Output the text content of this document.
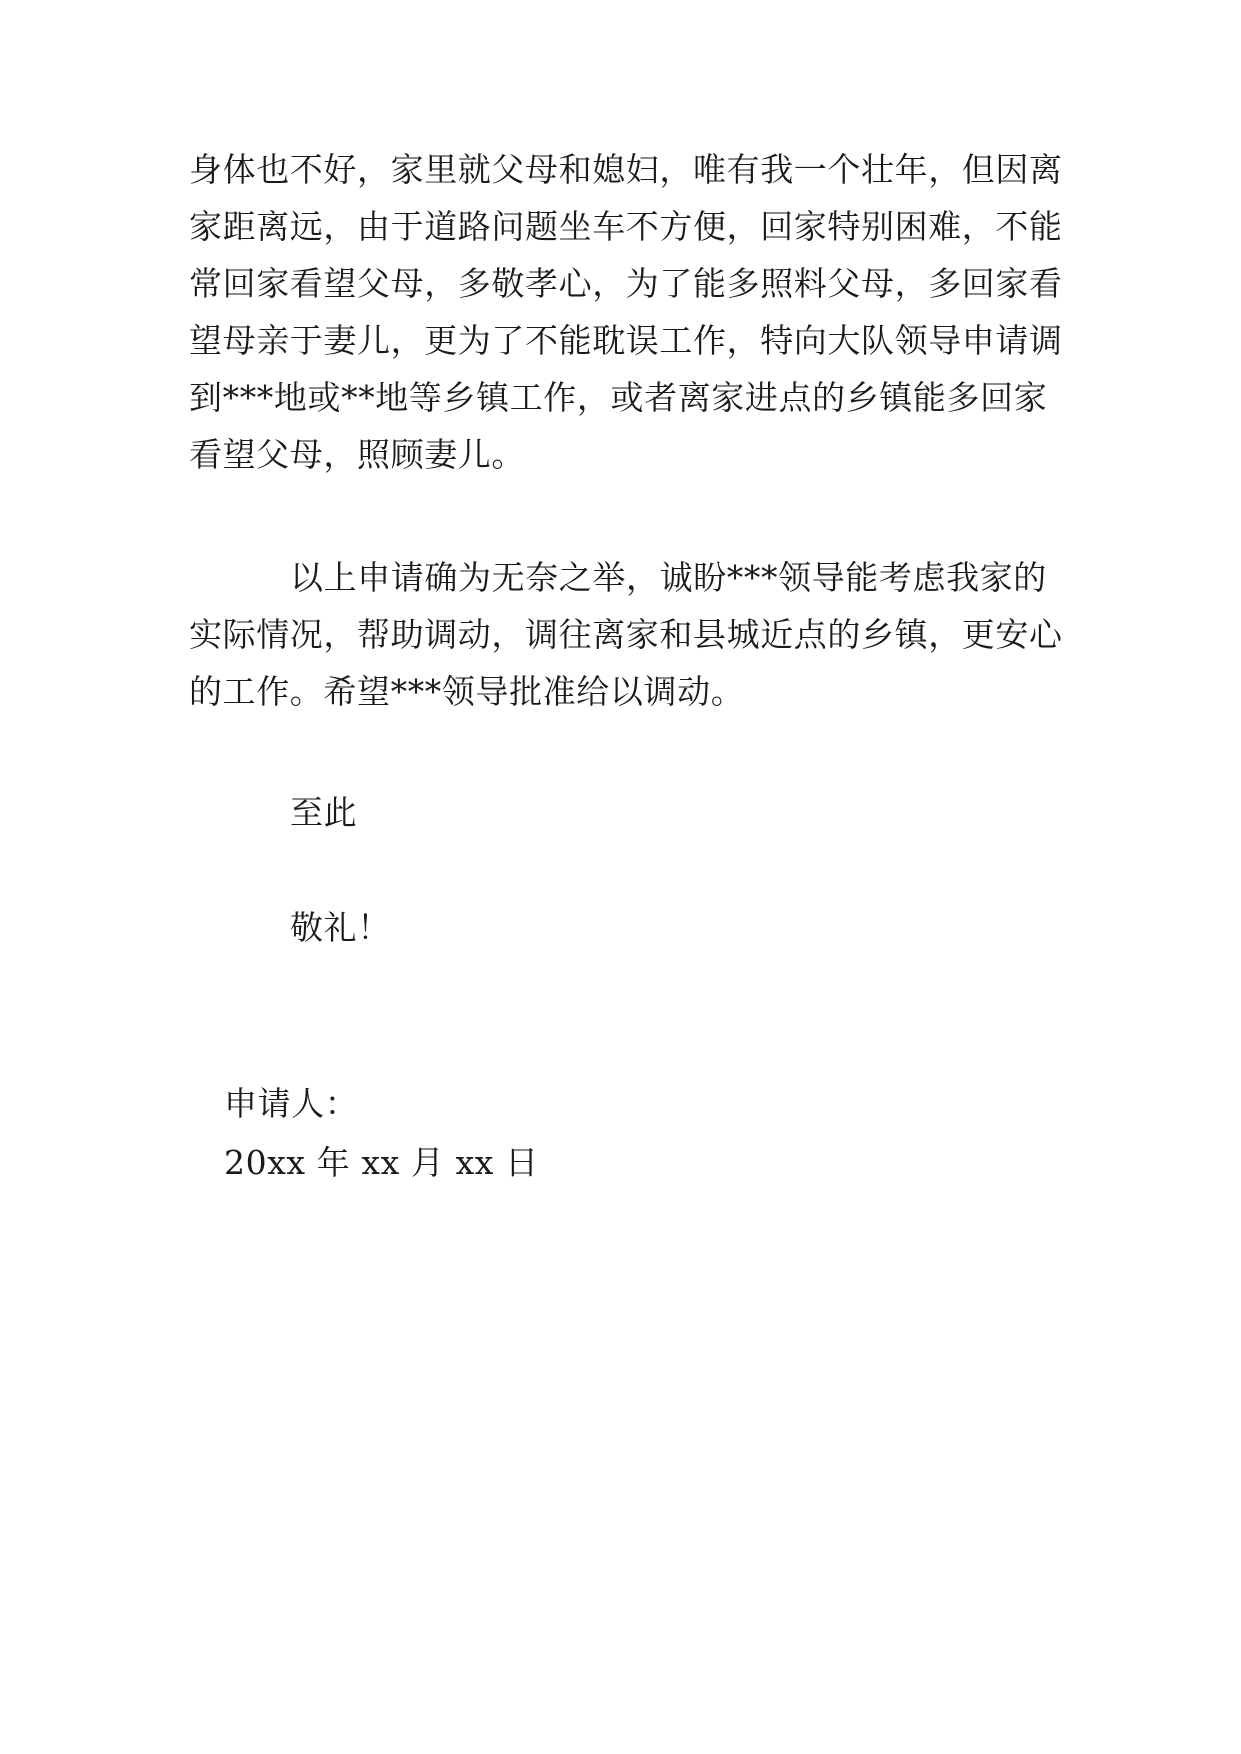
身体也不好，家里就父母和媳妇，唯有我一个壮年，但因离
家距离远，由于道路问题坐车不方便，回家特别困难，不能
常回家看望父母，多敬孝心，为了能多照料父母，多回家看
望母亲于妻儿，更为了不能耽误工作，特向大队领导申请调
到***地或**地等乡镇工作，或者离家进点的乡镇能多回家
看望父母，照顾妻儿。
以上申请确为无奈之举，诚盼***领导能考虑我家的
实际情况，帮助调动，调往离家和县城近点的乡镇，更安心
的工作。希望***领导批准给以调动。
至此
敬礼！
申请人：
20xx 年 xx 月 xx 日
